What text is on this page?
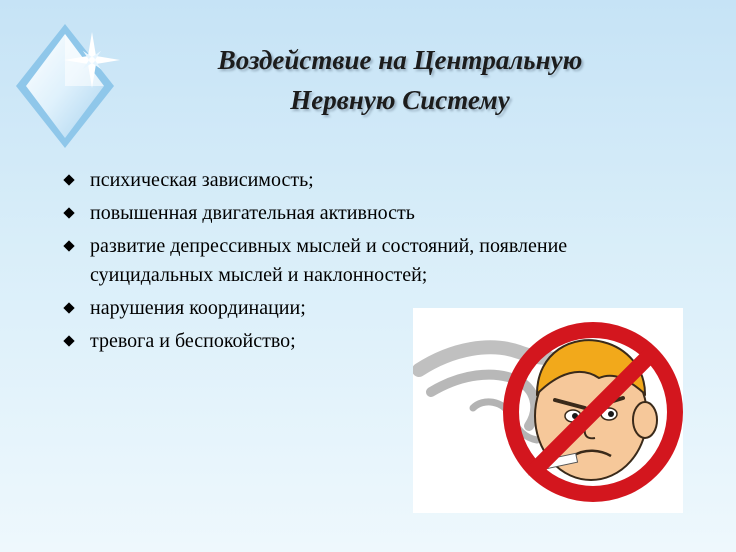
Воздействие на Центральную
Нервную Систему
психическая зависимость;
повышенная двигательная активность
развитие депрессивных мыслей и состояний, появление суицидальных мыслей и наклонностей;
нарушения координации;
тревога и беспокойство;
